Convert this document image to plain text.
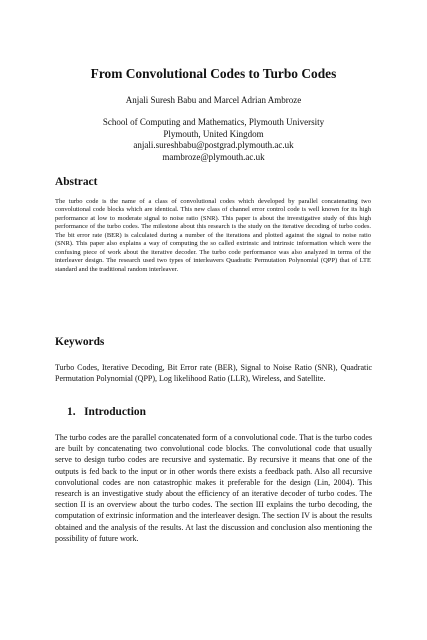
From Convolutional Codes to Turbo Codes
Anjali Suresh Babu and Marcel Adrian Ambroze
School of Computing and Mathematics, Plymouth University
Plymouth, United Kingdom
anjali.sureshbabu@postgrad.plymouth.ac.uk
mambroze@plymouth.ac.uk
Abstract

The turbo code is the name of a class of convolutional codes which developed by parallel concatenating two convolutional code blocks which are identical. This new class of channel error control code is well known for its high performance at low to moderate signal to noise ratio (SNR). This paper is about the investigative study of this high performance of the turbo codes. The milestone about this research is the study on the iterative decoding of turbo codes. The bit error rate (BER) is calculated during a number of the iterations and plotted against the signal to noise ratio (SNR). This paper also explains a way of computing the so called extrinsic and intrinsic information which were the confusing piece of work about the iterative decoder. The turbo code performance was also analyzed in terms of the interleaver design. The research used two types of interleavers Quadratic Permutation Polynomial (QPP) that of LTE standard and the traditional random interleaver.

Keywords

Turbo Codes, Iterative Decoding, Bit Error rate (BER), Signal to Noise Ratio (SNR), Quadratic Permutation Polynomial (QPP), Log likelihood Ratio (LLR), Wireless, and Satellite.

1.   Introduction

The turbo codes are the parallel concatenated form of a convolutional code. That is the turbo codes are built by concatenating two convolutional code blocks. The convolutional code that usually serve to design turbo codes are recursive and systematic. By recursive it means that one of the outputs is fed back to the input or in other words there exists a feedback path. Also all recursive convolutional codes are non catastrophic makes it preferable for the design (Lin, 2004). This research is an investigative study about the efficiency of an iterative decoder of turbo codes. The section II is an overview about the turbo codes. The section III explains the turbo decoding, the computation of extrinsic information and the interleaver design. The section IV is about the results obtained and the analysis of the results. At last the discussion and conclusion also mentioning the possibility of future work.
